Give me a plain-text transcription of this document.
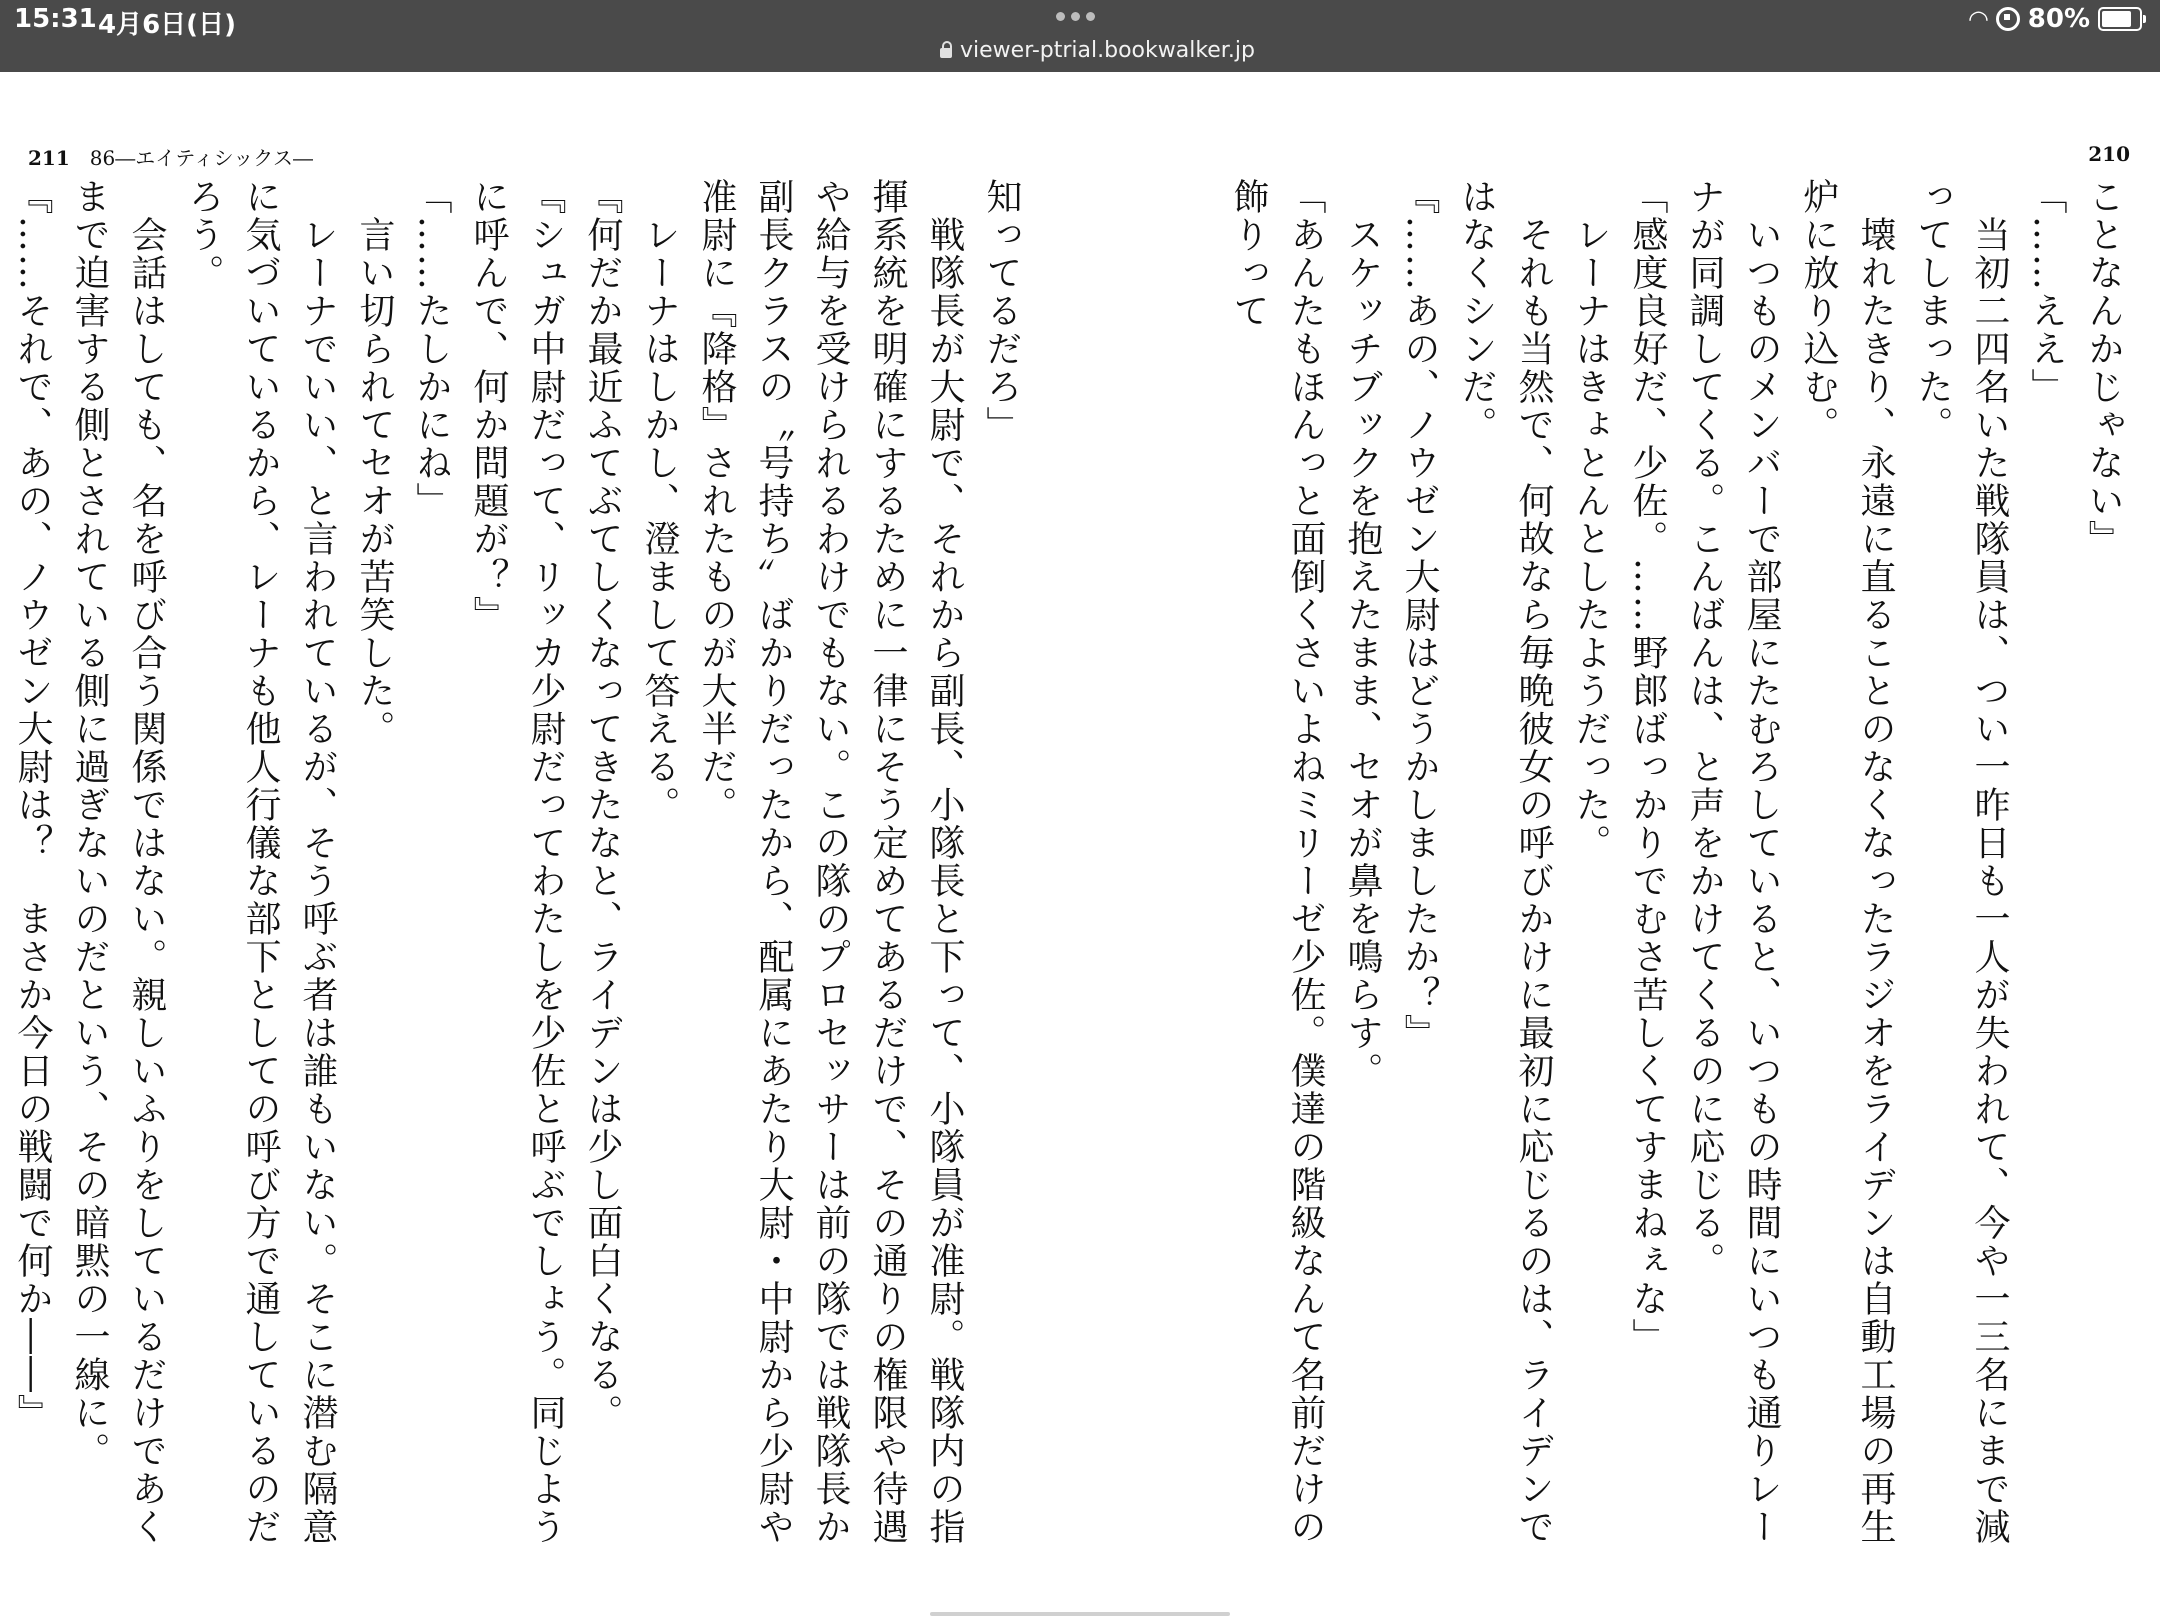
15:31 4月6日(日)
viewer-ptrial.bookwalker.jp
◠ 80%
211 86―エイティシックス―	210

ことなんかじゃない』

「……ええ」

　当初二四名いた戦隊員は、つい一昨日も一人が失われて、今や一三名にまで減ってしまった。

　壊れたきり、永遠に直ることのなくなったラジオをライデンは自動工場の再生炉に放り込む。

　いつものメンバーで部屋にたむろしていると、いつもの時間にいつも通りレーナが同調してくる。こんばんは、と声をかけてくるのに応じる。

「感度良好だ、少佐。……野郎ばっかりでむさ苦しくてすまねぇな」

　レーナはきょとんとしたようだった。

　それも当然で、何故なら毎晩彼女の呼びかけに最初に応じるのは、ライデンではなくシンだ。

『……あの、ノウゼン大尉はどうかしましたか？』

　スケッチブックを抱えたまま、セオが鼻を鳴らす。

「あんたもほんっと面倒くさいよねミリーゼ少佐。僕達の階級なんて名前だけの飾りって

知ってるだろ」

　戦隊長が大尉で、それから副長、小隊長と下って、小隊員が准尉。戦隊内の指揮系統を明確にするために一律にそう定めてあるだけで、その通りの権限や待遇や給与を受けられるわけでもない。この隊のプロセッサーは前の隊では戦隊長か副長クラスの〝号持ち〟ばかりだったから、配属にあたり大尉・中尉から少尉や准尉に『降格』されたものが大半だ。

　レーナはしかし、澄まして答える。

『何だか最近ふてぶてしくなってきたなと、ライデンは少し面白くなる。

『シュガ中尉だって、リッカ少尉だってわたしを少佐と呼ぶでしょう。同じように呼んで、何か問題が？』

「……たしかにね」

　言い切られてセオが苦笑した。

　レーナでいい、と言われているが、そう呼ぶ者は誰もいない。そこに潜む隔意に気づいているから、レーナも他人行儀な部下としての呼び方で通しているのだろう。

　会話はしても、名を呼び合う関係ではない。親しいふりをしているだけであくまで迫害する側とされている側に過ぎないのだという、その暗黙の一線に。

『……それで、あの、ノウゼン大尉は？　まさか今日の戦闘で何か――』
